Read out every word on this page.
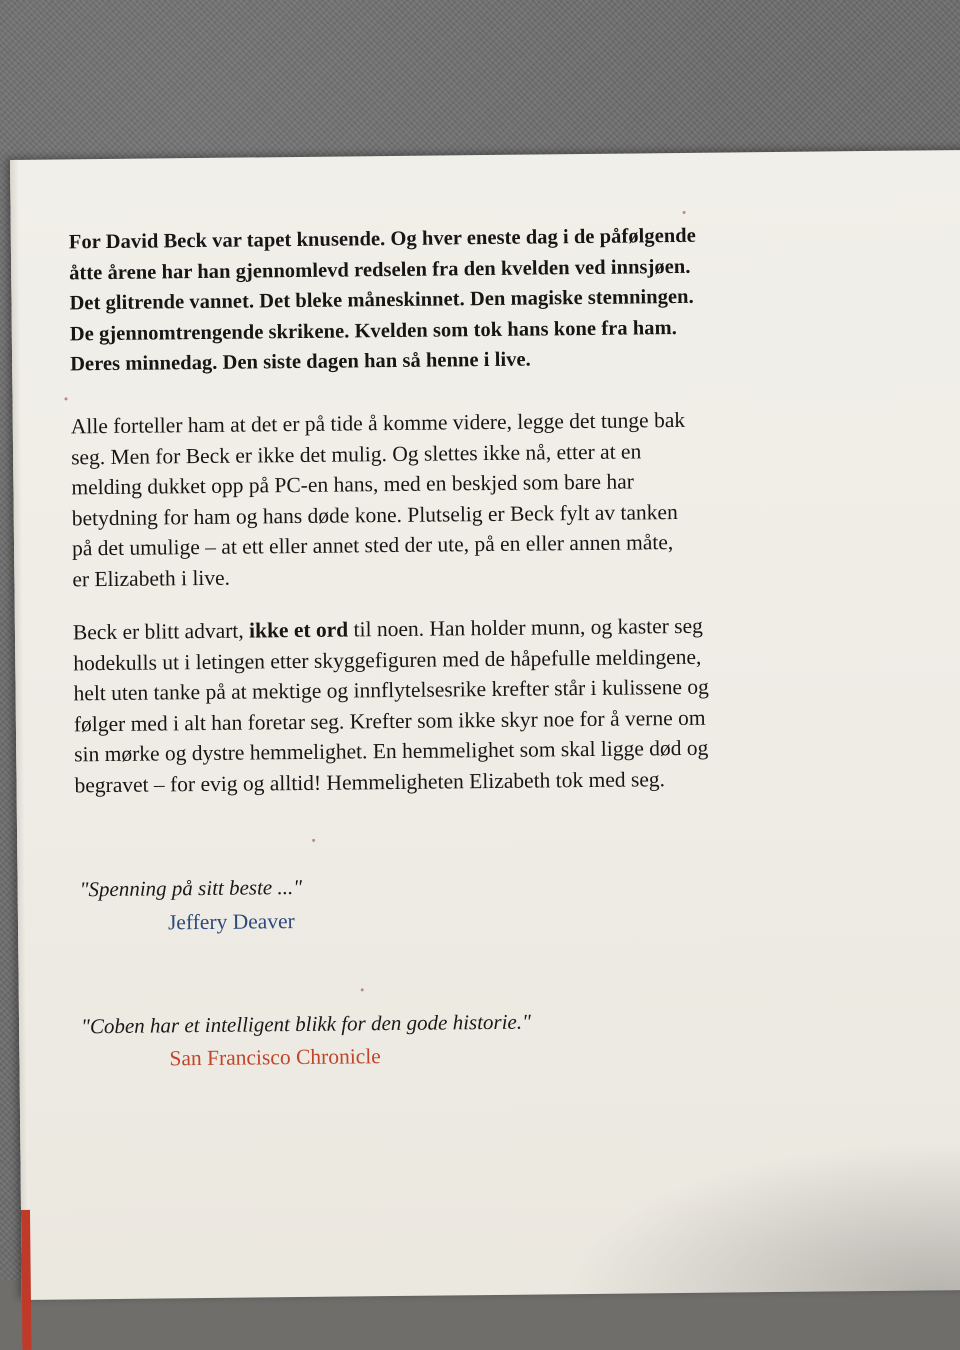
For David Beck var tapet knusende. Og hver eneste dag i de påfølgende
åtte årene har han gjennomlevd redselen fra den kvelden ved innsjøen.
Det glitrende vannet. Det bleke måneskinnet. Den magiske stemningen.
De gjennomtrengende skrikene. Kvelden som tok hans kone fra ham.
Deres minnedag. Den siste dagen han så henne i live.
Alle forteller ham at det er på tide å komme videre, legge det tunge bak
seg. Men for Beck er ikke det mulig. Og slettes ikke nå, etter at en
melding dukket opp på PC-en hans, med en beskjed som bare har
betydning for ham og hans døde kone. Plutselig er Beck fylt av tanken
på det umulige – at ett eller annet sted der ute, på en eller annen måte,
er Elizabeth i live.
Beck er blitt advart, ikke et ord til noen. Han holder munn, og kaster seg
hodekulls ut i letingen etter skyggefiguren med de håpefulle meldingene,
helt uten tanke på at mektige og innflytelsesrike krefter står i kulissene og
følger med i alt han foretar seg. Krefter som ikke skyr noe for å verne om
sin mørke og dystre hemmelighet. En hemmelighet som skal ligge død og
begravet – for evig og alltid! Hemmeligheten Elizabeth tok med seg.
"Spenning på sitt beste ..."
Jeffery Deaver
"Coben har et intelligent blikk for den gode historie."
San Francisco Chronicle
